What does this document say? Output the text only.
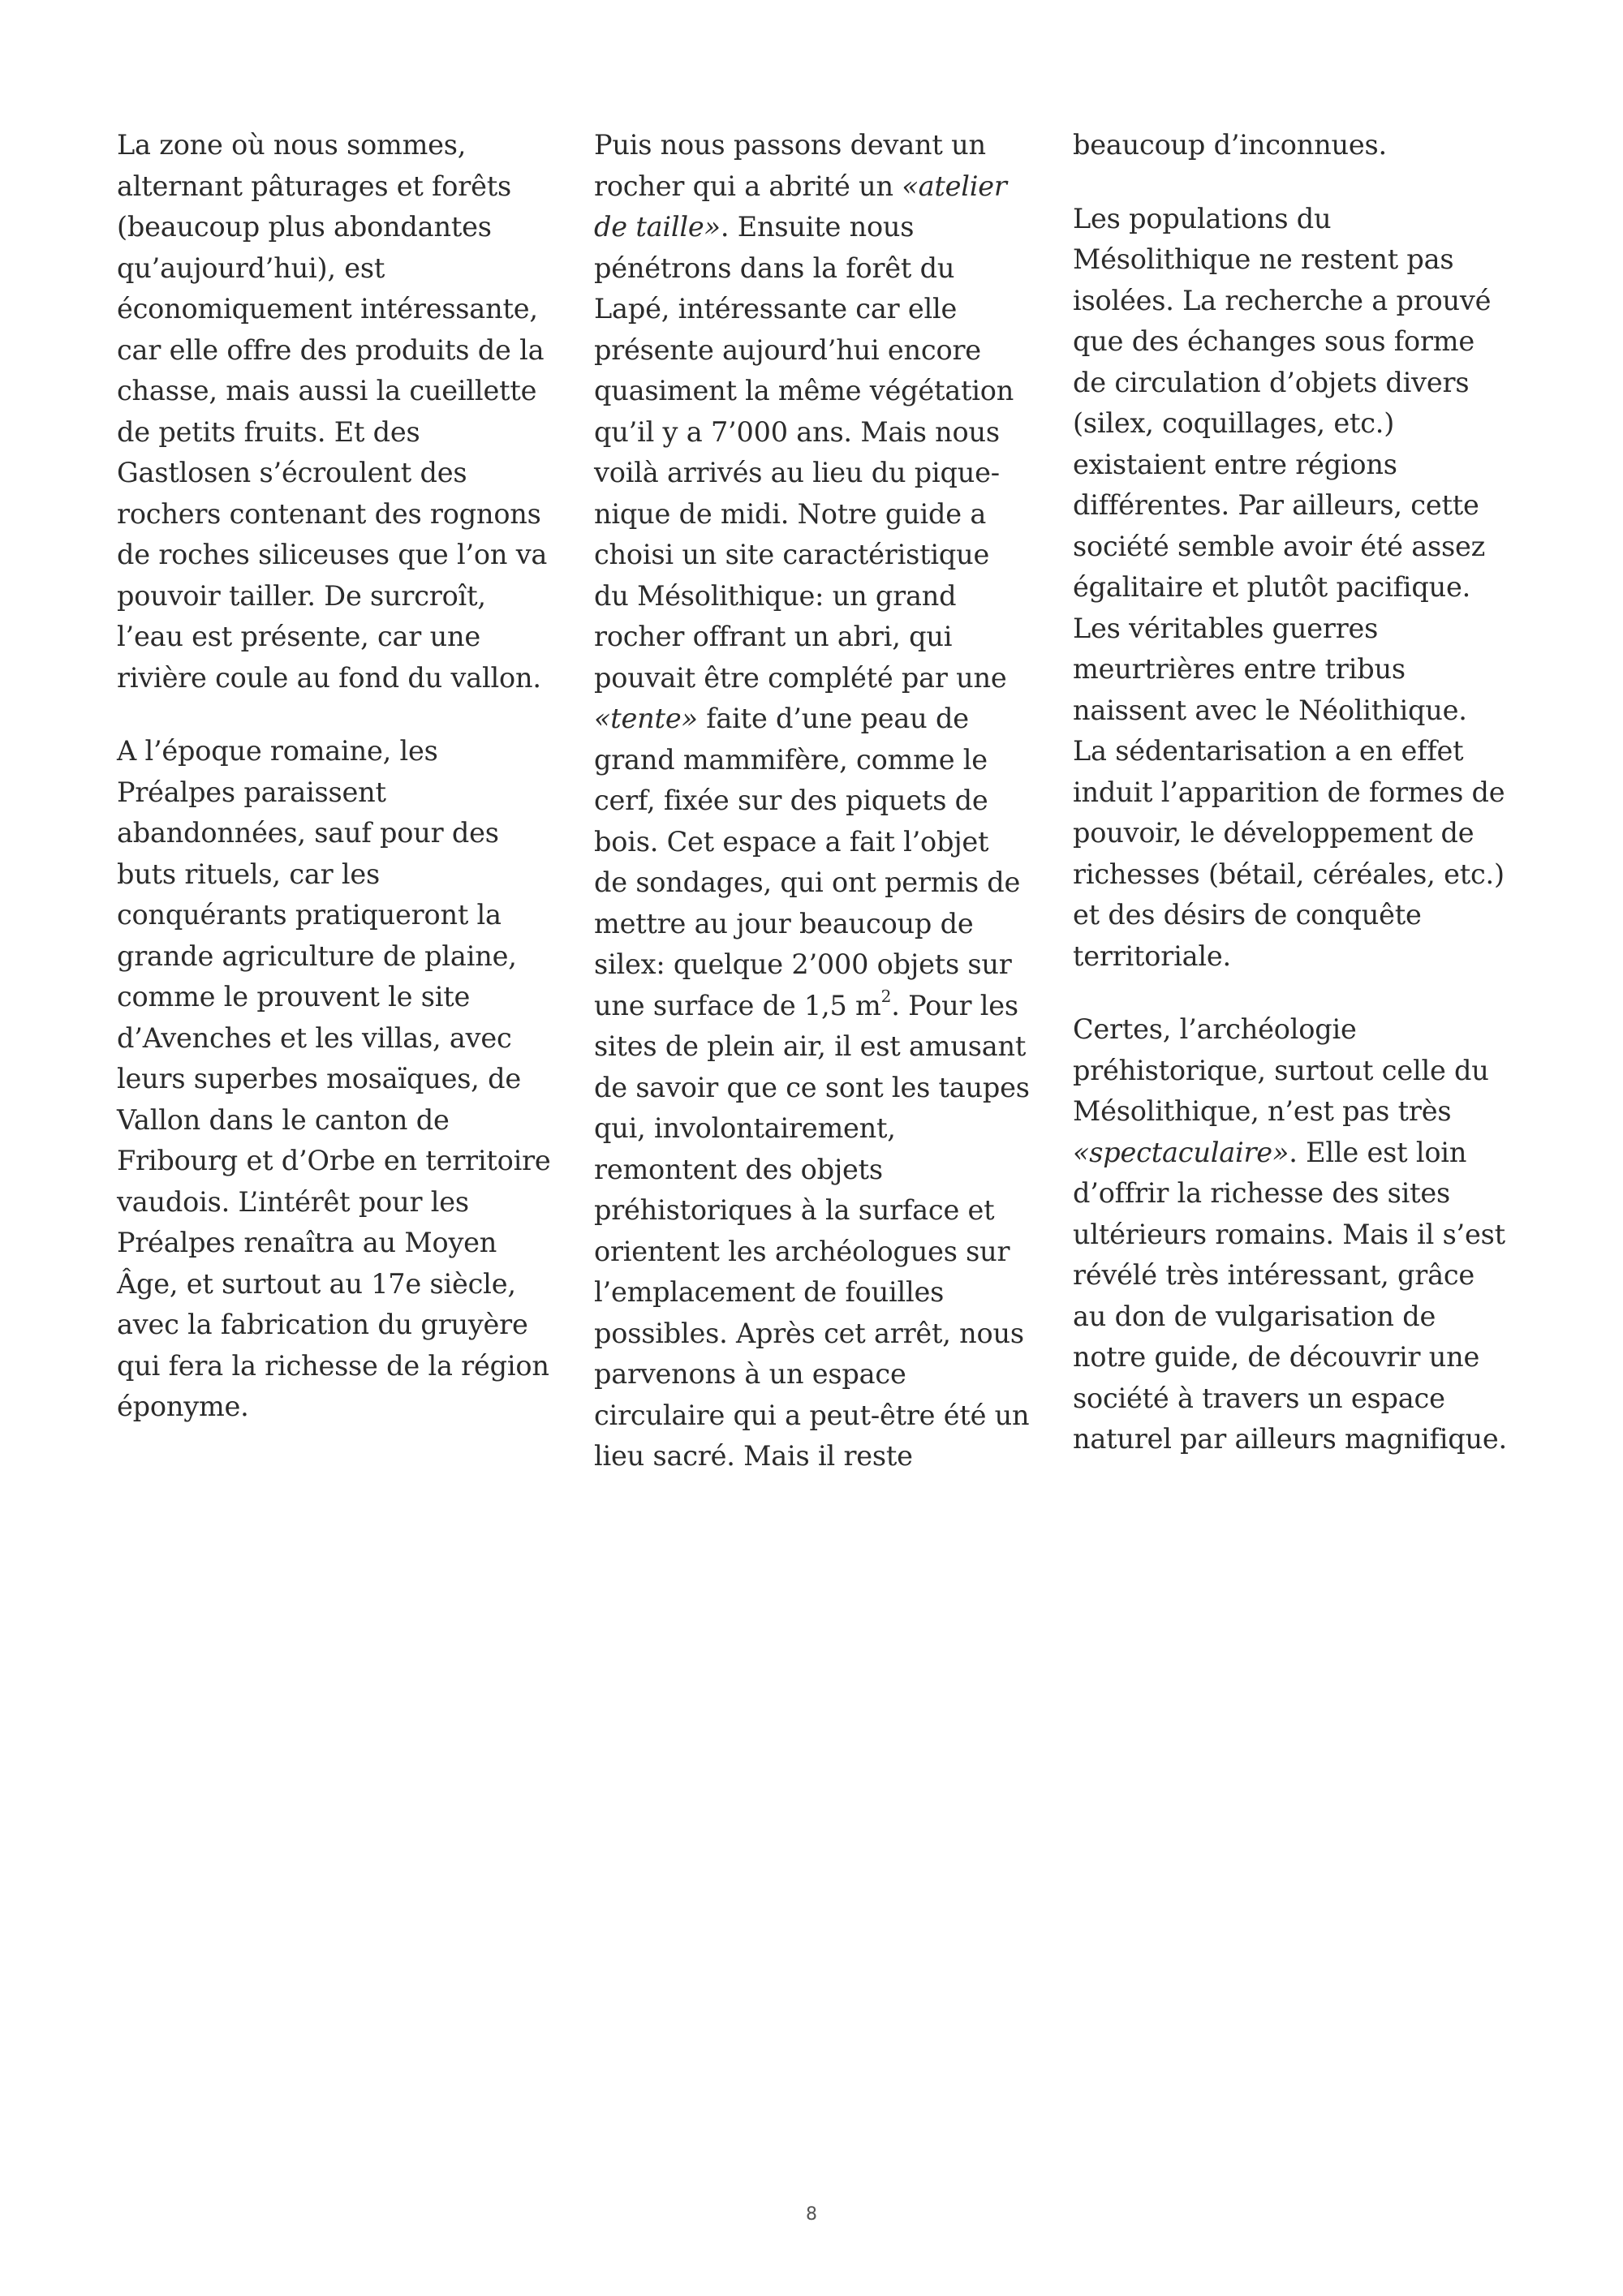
La zone où nous sommes,
alternant pâturages et forêts
(beaucoup plus abondantes
qu’aujourd’hui), est
économiquement intéressante,
car elle offre des produits de la
chasse, mais aussi la cueillette
de petits fruits. Et des
Gastlosen s’écroulent des
rochers contenant des rognons
de roches siliceuses que l’on va
pouvoir tailler. De surcroît,
l’eau est présente, car une
rivière coule au fond du vallon.

A l’époque romaine, les
Préalpes paraissent
abandonnées, sauf pour des
buts rituels, car les
conquérants pratiqueront la
grande agriculture de plaine,
comme le prouvent le site
d’Avenches et les villas, avec
leurs superbes mosaïques, de
Vallon dans le canton de
Fribourg et d’Orbe en territoire
vaudois. L’intérêt pour les
Préalpes renaîtra au Moyen
Âge, et surtout au 17e siècle,
avec la fabrication du gruyère
qui fera la richesse de la région
éponyme.

Puis nous passons devant un
rocher qui a abrité un «atelier
de taille». Ensuite nous
pénétrons dans la forêt du
Lapé, intéressante car elle
présente aujourd’hui encore
quasiment la même végétation
qu’il y a 7’000 ans. Mais nous
voilà arrivés au lieu du pique-
nique de midi. Notre guide a
choisi un site caractéristique
du Mésolithique: un grand
rocher offrant un abri, qui
pouvait être complété par une
«tente» faite d’une peau de
grand mammifère, comme le
cerf, fixée sur des piquets de
bois. Cet espace a fait l’objet
de sondages, qui ont permis de
mettre au jour beaucoup de
silex: quelque 2’000 objets sur
une surface de 1,5 $m^2$. Pour les
sites de plein air, il est amusant
de savoir que ce sont les taupes
qui, involontairement,
remontent des objets
préhistoriques à la surface et
orientent les archéologues sur
l’emplacement de fouilles
possibles. Après cet arrêt, nous
parvenons à un espace
circulaire qui a peut-être été un
lieu sacré. Mais il reste

beaucoup d’inconnues.

Les populations du
Mésolithique ne restent pas
isolées. La recherche a prouvé
que des échanges sous forme
de circulation d’objets divers
(silex, coquillages, etc.)
existaient entre régions
différentes. Par ailleurs, cette
société semble avoir été assez
égalitaire et plutôt pacifique.
Les véritables guerres
meurtrières entre tribus
naissent avec le Néolithique.
La sédentarisation a en effet
induit l’apparition de formes de
pouvoir, le développement de
richesses (bétail, céréales, etc.)
et des désirs de conquête
territoriale.

Certes, l’archéologie
préhistorique, surtout celle du
Mésolithique, n’est pas très
«spectaculaire». Elle est loin
d’offrir la richesse des sites
ultérieurs romains. Mais il s’est
révélé très intéressant, grâce
au don de vulgarisation de
notre guide, de découvrir une
société à travers un espace
naturel par ailleurs magnifique.

8
